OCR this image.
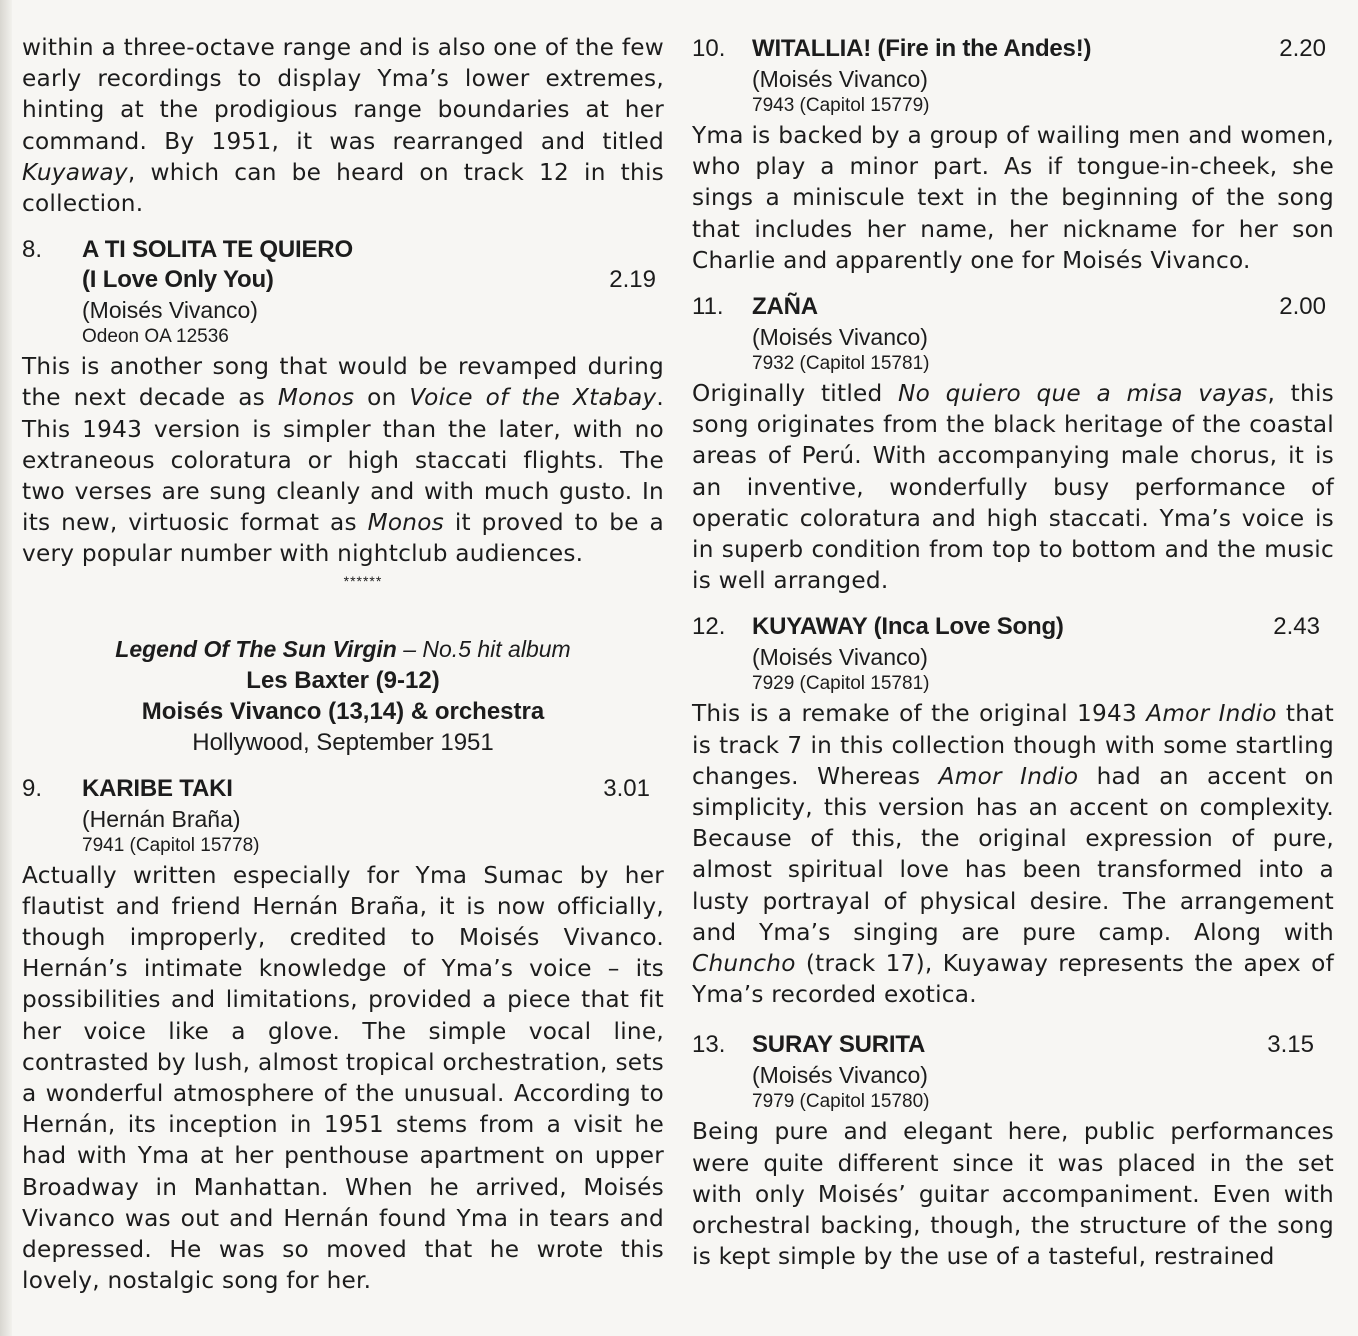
within a three-octave range and is also one of the few early recordings to display Yma’s lower extremes, hinting at the prodigious range boundaries at her command. By 1951, it was rearranged and titled Kuyaway, which can be heard on track 12 in this collection.

8.	A TI SOLITA TE QUIERO
(I Love Only You)	2.19
(Moisés Vivanco)
Odeon OA 12536

This is another song that would be revamped during the next decade as Monos on Voice of the Xtabay. This 1943 version is simpler than the later, with no extraneous coloratura or high staccati flights. The two verses are sung cleanly and with much gusto. In its new, virtuosic format as Monos it proved to be a very popular number with nightclub audiences.

******
Legend Of The Sun Virgin – No.5 hit album
Les Baxter (9-12)
Moisés Vivanco (13,14) & orchestra
Hollywood, September 1951
9.	KARIBE TAKI	3.01
(Hernán Braña)
7941 (Capitol 15778)

Actually written especially for Yma Sumac by her flautist and friend Hernán Braña, it is now officially, though improperly, credited to Moisés Vivanco. Hernán’s intimate knowledge of Yma’s voice – its possibilities and limitations, provided a piece that fit her voice like a glove. The simple vocal line, contrasted by lush, almost tropical orchestration, sets a wonderful atmosphere of the unusual. According to Hernán, its inception in 1951 stems from a visit he had with Yma at her penthouse apartment on upper Broadway in Manhattan. When he arrived, Moisés Vivanco was out and Hernán found Yma in tears and depressed. He was so moved that he wrote this lovely, nostalgic song for her.

10.	WITALLIA! (Fire in the Andes!)	2.20
(Moisés Vivanco)
7943 (Capitol 15779)

Yma is backed by a group of wailing men and women, who play a minor part. As if tongue-in-cheek, she sings a miniscule text in the beginning of the song that includes her name, her nickname for her son Charlie and apparently one for Moisés Vivanco.

11.	ZAÑA	2.00
(Moisés Vivanco)
7932 (Capitol 15781)

Originally titled No quiero que a misa vayas, this song originates from the black heritage of the coastal areas of Perú. With accompanying male chorus, it is an inventive, wonderfully busy performance of operatic coloratura and high staccati. Yma’s voice is in superb condition from top to bottom and the music is well arranged.

12.	KUYAWAY (Inca Love Song)	2.43
(Moisés Vivanco)
7929 (Capitol 15781)

This is a remake of the original 1943 Amor Indio that is track 7 in this collection though with some startling changes. Whereas Amor Indio had an accent on simplicity, this version has an accent on complexity. Because of this, the original expression of pure, almost spiritual love has been transformed into a lusty portrayal of physical desire. The arrangement and Yma’s singing are pure camp. Along with Chuncho (track 17), Kuyaway represents the apex of Yma’s recorded exotica.

13.	SURAY SURITA	3.15
(Moisés Vivanco)
7979 (Capitol 15780)

Being pure and elegant here, public performances were quite different since it was placed in the set with only Moisés’ guitar accompaniment. Even with orchestral backing, though, the structure of the song is kept simple by the use of a tasteful, restrained
